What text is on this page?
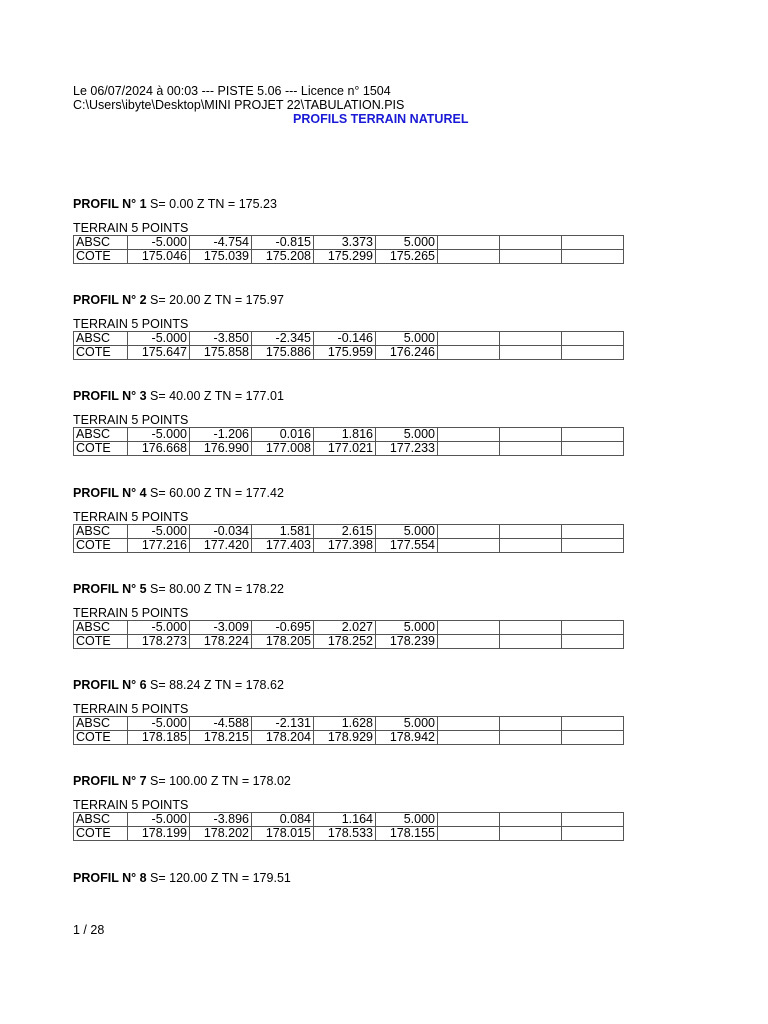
Le 06/07/2024 à 00:03 --- PISTE 5.06 --- Licence n° 1504
C:\Users\ibyte\Desktop\MINI PROJET 22\TABULATION.PIS
PROFILS TERRAIN NATUREL
PROFIL N° 1 S= 0.00 Z TN = 175.23
TERRAIN 5 POINTS
ABSC	-5.000	-4.754	-0.815	3.373	5.000			
COTE	175.046	175.039	175.208	175.299	175.265			
PROFIL N° 2 S= 20.00 Z TN = 175.97
TERRAIN 5 POINTS
ABSC	-5.000	-3.850	-2.345	-0.146	5.000			
COTE	175.647	175.858	175.886	175.959	176.246			
PROFIL N° 3 S= 40.00 Z TN = 177.01
TERRAIN 5 POINTS
ABSC	-5.000	-1.206	0.016	1.816	5.000			
COTE	176.668	176.990	177.008	177.021	177.233			
PROFIL N° 4 S= 60.00 Z TN = 177.42
TERRAIN 5 POINTS
ABSC	-5.000	-0.034	1.581	2.615	5.000			
COTE	177.216	177.420	177.403	177.398	177.554			
PROFIL N° 5 S= 80.00 Z TN = 178.22
TERRAIN 5 POINTS
ABSC	-5.000	-3.009	-0.695	2.027	5.000			
COTE	178.273	178.224	178.205	178.252	178.239			
PROFIL N° 6 S= 88.24 Z TN = 178.62
TERRAIN 5 POINTS
ABSC	-5.000	-4.588	-2.131	1.628	5.000			
COTE	178.185	178.215	178.204	178.929	178.942			
PROFIL N° 7 S= 100.00 Z TN = 178.02
TERRAIN 5 POINTS
ABSC	-5.000	-3.896	0.084	1.164	5.000			
COTE	178.199	178.202	178.015	178.533	178.155			
PROFIL N° 8 S= 120.00 Z TN = 179.51
1 / 28
